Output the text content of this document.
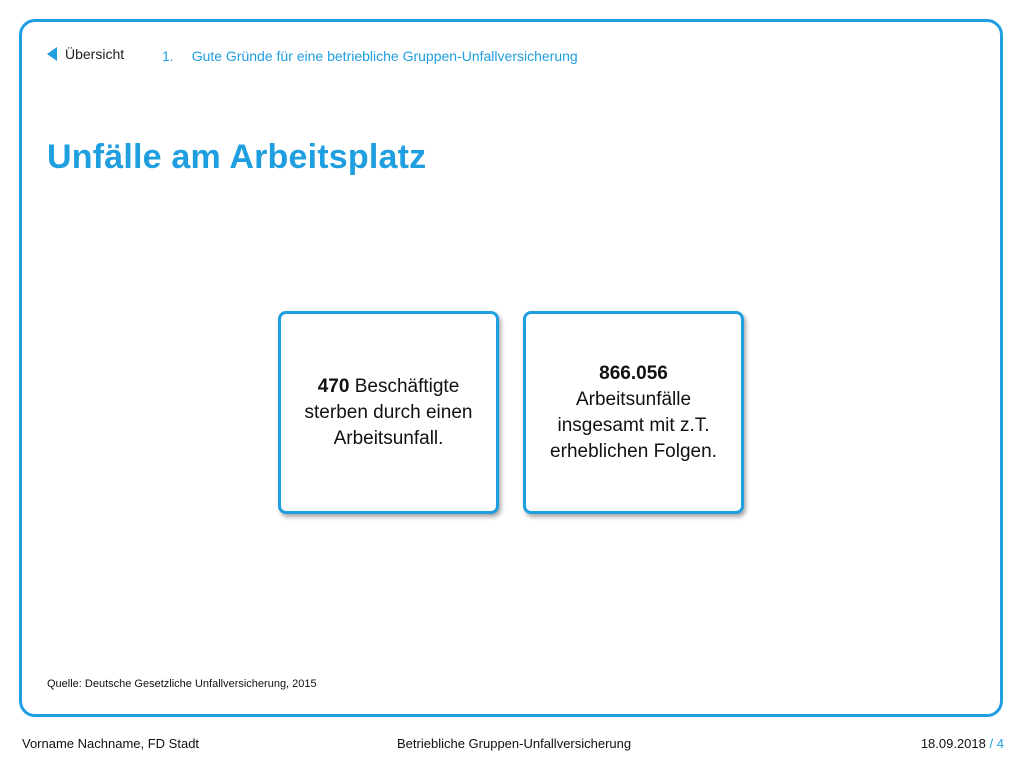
Übersicht	1. Gute Gründe für eine betriebliche Gruppen-Unfallversicherung
Unfälle am Arbeitsplatz
470 Beschäftigte sterben durch einen Arbeitsunfall.
866.056
Arbeitsunfälle insgesamt mit z.T. erheblichen Folgen.
Quelle: Deutsche Gesetzliche Unfallversicherung, 2015
Vorname Nachname, FD Stadt	Betriebliche Gruppen-Unfallversicherung	18.09.2018 / 4
